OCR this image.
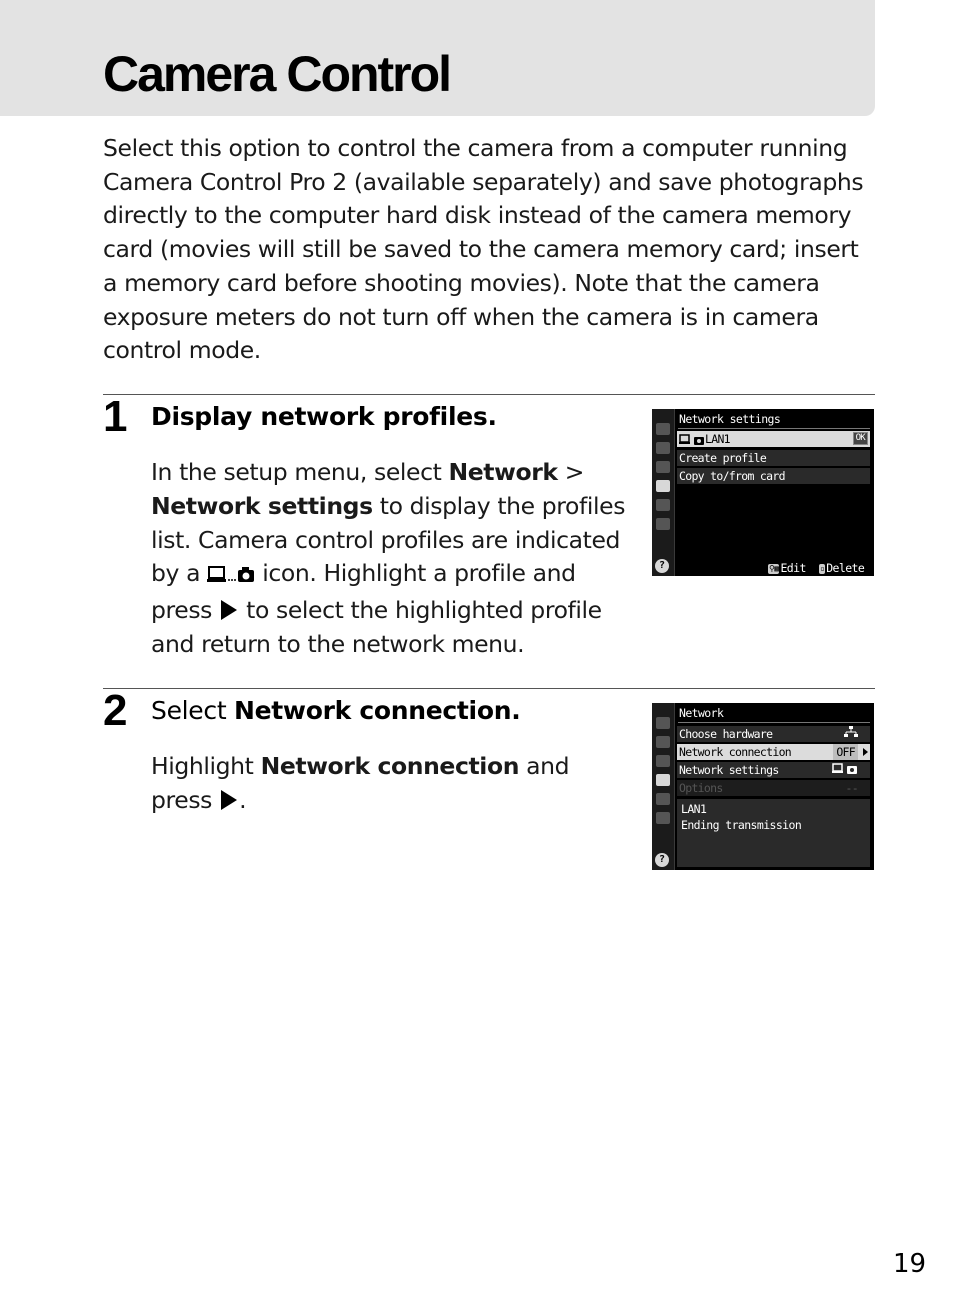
Camera Control

Select this option to control the camera from a computer running Camera Control Pro 2 (available separately) and save photographs directly to the computer hard disk instead of the camera memory card (movies will still be saved to the camera memory card; insert a memory card before shooting movies). Note that the camera exposure meters do not turn off when the camera is in camera control mode.

1 Display network profiles.

In the setup menu, select Network > Network settings to display the profiles list. Camera control profiles are indicated by a  icon. Highlight a profile and press  to select the highlighted profile and return to the network menu.

?
Network settings
LAN1	OK
Create profile
Copy to/from card
⚲▩ Edit ▫ Delete
2 Select Network connection.

Highlight Network connection and press .

?
Network
Choose hardware
Network connection	OFF
Network settings
Options	--
LAN1
Ending transmission
19
